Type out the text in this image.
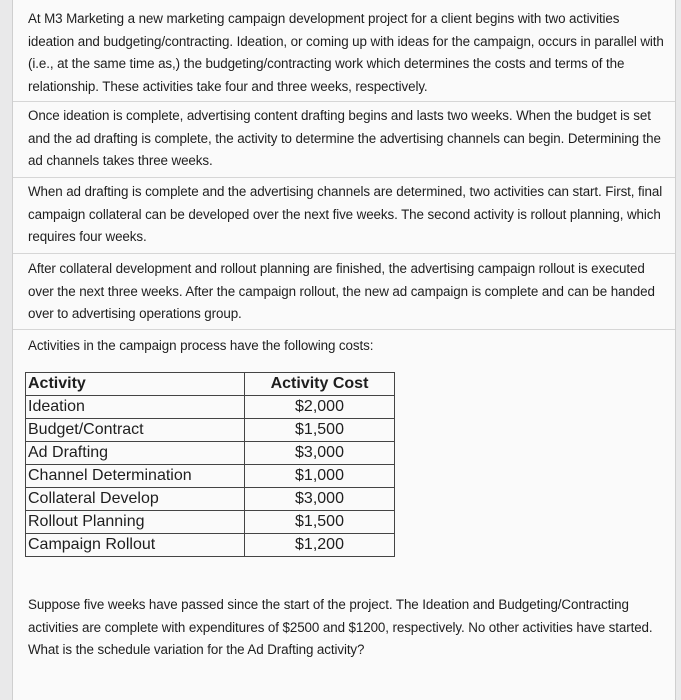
At M3 Marketing a new marketing campaign development project for a client begins with two activities ideation and budgeting/contracting. Ideation, or coming up with ideas for the campaign, occurs in parallel with (i.e., at the same time as,) the budgeting/contracting work which determines the costs and terms of the relationship. These activities take four and three weeks, respectively.

Once ideation is complete, advertising content drafting begins and lasts two weeks. When the budget is set and the ad drafting is complete, the activity to determine the advertising channels can begin. Determining the ad channels takes three weeks.

When ad drafting is complete and the advertising channels are determined, two activities can start. First, final campaign collateral can be developed over the next five weeks. The second activity is rollout planning, which requires four weeks.

After collateral development and rollout planning are finished, the advertising campaign rollout is executed over the next three weeks. After the campaign rollout, the new ad campaign is complete and can be handed over to advertising operations group.

Activities in the campaign process have the following costs:

Activity	Activity Cost
Ideation	$2,000
Budget/Contract	$1,500
Ad Drafting	$3,000
Channel Determination	$1,000
Collateral Develop	$3,000
Rollout Planning	$1,500
Campaign Rollout	$1,200

Suppose five weeks have passed since the start of the project. The Ideation and Budgeting/Contracting activities are complete with expenditures of $2500 and $1200, respectively. No other activities have started. What is the schedule variation for the Ad Drafting activity?
